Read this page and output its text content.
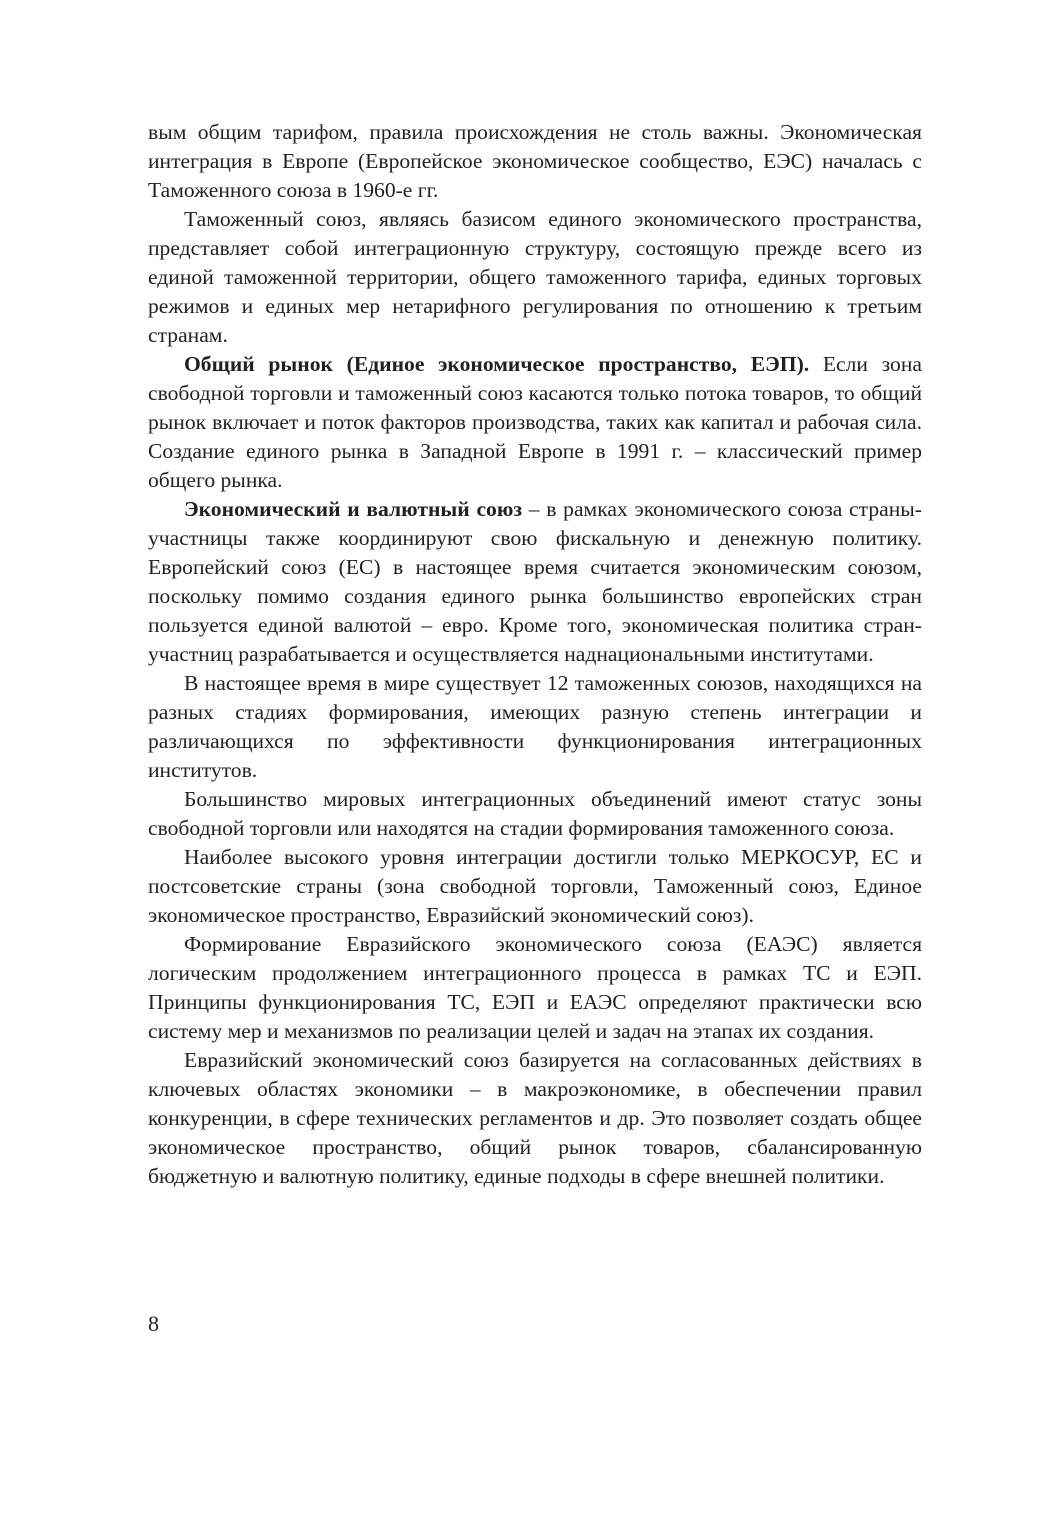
вым общим тарифом, правила происхождения не столь важны. Экономическая интеграция в Европе (Европейское экономическое сообщество, ЕЭС) началась с Таможенного союза в 1960-е гг.

Таможенный союз, являясь базисом единого экономического пространства, представляет собой интеграционную структуру, состоящую прежде всего из единой таможенной территории, общего таможенного тарифа, единых торговых режимов и единых мер нетарифного регулирования по отношению к третьим странам.

Общий рынок (Единое экономическое пространство, ЕЭП). Если зона свободной торговли и таможенный союз касаются только потока товаров, то общий рынок включает и поток факторов производства, таких как капитал и рабочая сила. Создание единого рынка в Западной Европе в 1991 г. – классический пример общего рынка.

Экономический и валютный союз – в рамках экономического союза страны-участницы также координируют свою фискальную и денежную политику. Европейский союз (ЕС) в настоящее время считается экономическим союзом, поскольку помимо создания единого рынка большинство европейских стран пользуется единой валютой – евро. Кроме того, экономическая политика стран-участниц разрабатывается и осуществляется наднациональными институтами.

В настоящее время в мире существует 12 таможенных союзов, находящихся на разных стадиях формирования, имеющих разную степень интеграции и различающихся по эффективности функционирования интеграционных институтов.

Большинство мировых интеграционных объединений имеют статус зоны свободной торговли или находятся на стадии формирования таможенного союза.

Наиболее высокого уровня интеграции достигли только МЕРКОСУР, ЕС и постсоветские страны (зона свободной торговли, Таможенный союз, Единое экономическое пространство, Евразийский экономический союз).

Формирование Евразийского экономического союза (ЕАЭС) является логическим продолжением интеграционного процесса в рамках ТС и ЕЭП. Принципы функционирования ТС, ЕЭП и ЕАЭС определяют практически всю систему мер и механизмов по реализации целей и задач на этапах их создания.

Евразийский экономический союз базируется на согласованных действиях в ключевых областях экономики – в макроэкономике, в обеспечении правил конкуренции, в сфере технических регламентов и др. Это позволяет создать общее экономическое пространство, общий рынок товаров, сбалансированную бюджетную и валютную политику, единые подходы в сфере внешней политики.

8
